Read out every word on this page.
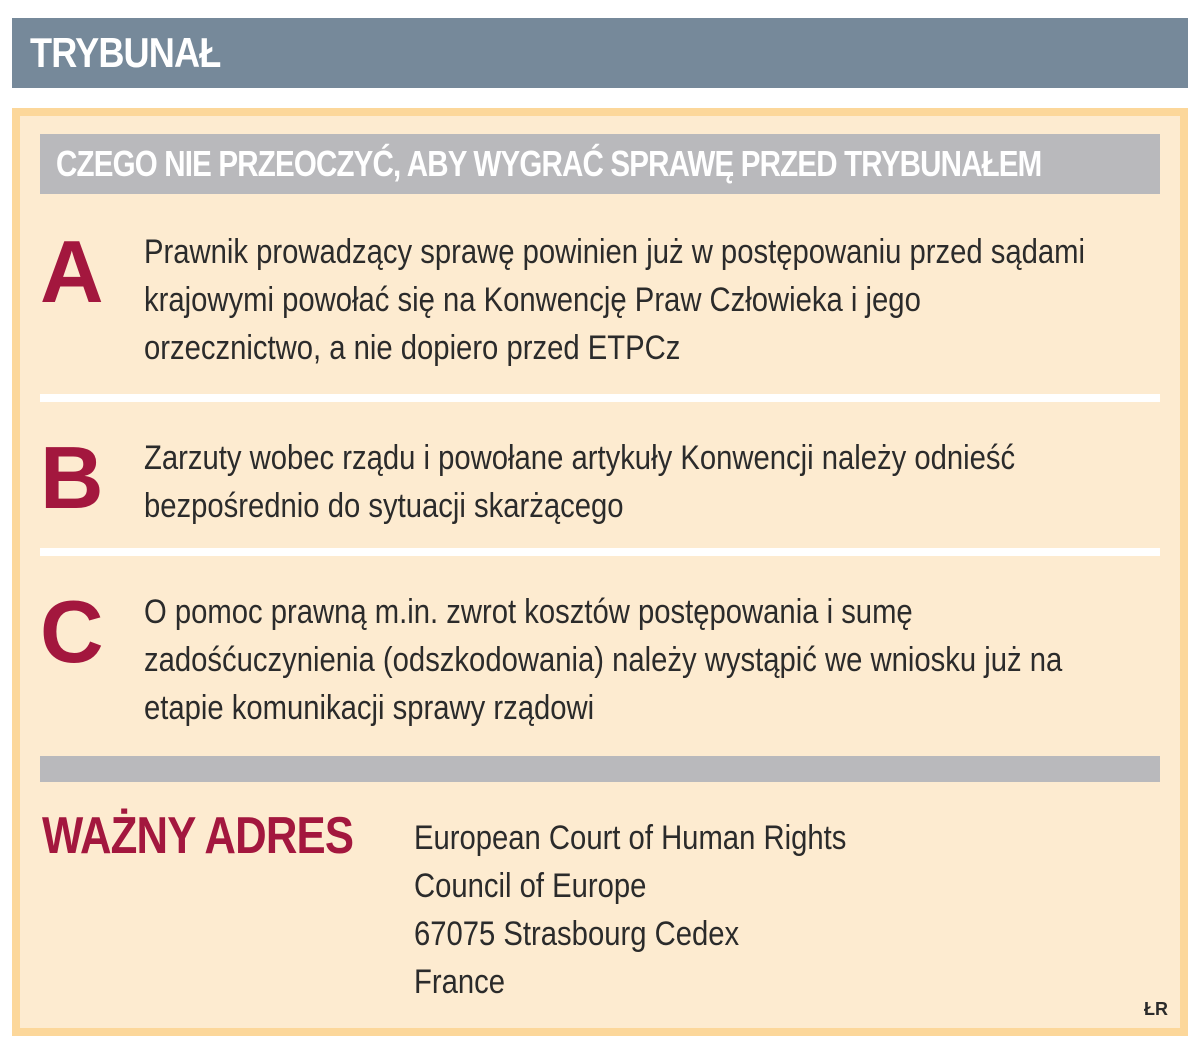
TRYBUNAŁ
CZEGO NIE PRZEOCZYĆ, ABY WYGRAĆ SPRAWĘ PRZED TRYBUNAŁEM
A Prawnik prowadzący sprawę powinien już w postępowaniu przed sądami krajowymi powołać się na Konwencję Praw Człowieka i jego orzecznictwo, a nie dopiero przed ETPCz
B Zarzuty wobec rządu i powołane artykuły Konwencji należy odnieść bezpośrednio do sytuacji skarżącego
C O pomoc prawną m.in. zwrot kosztów postępowania i sumę zadośćuczynienia (odszkodowania) należy wystąpić we wniosku już na etapie komunikacji sprawy rządowi
WAŻNY ADRES European Court of Human Rights
Council of Europe
67075 Strasbourg Cedex
France
ŁR
